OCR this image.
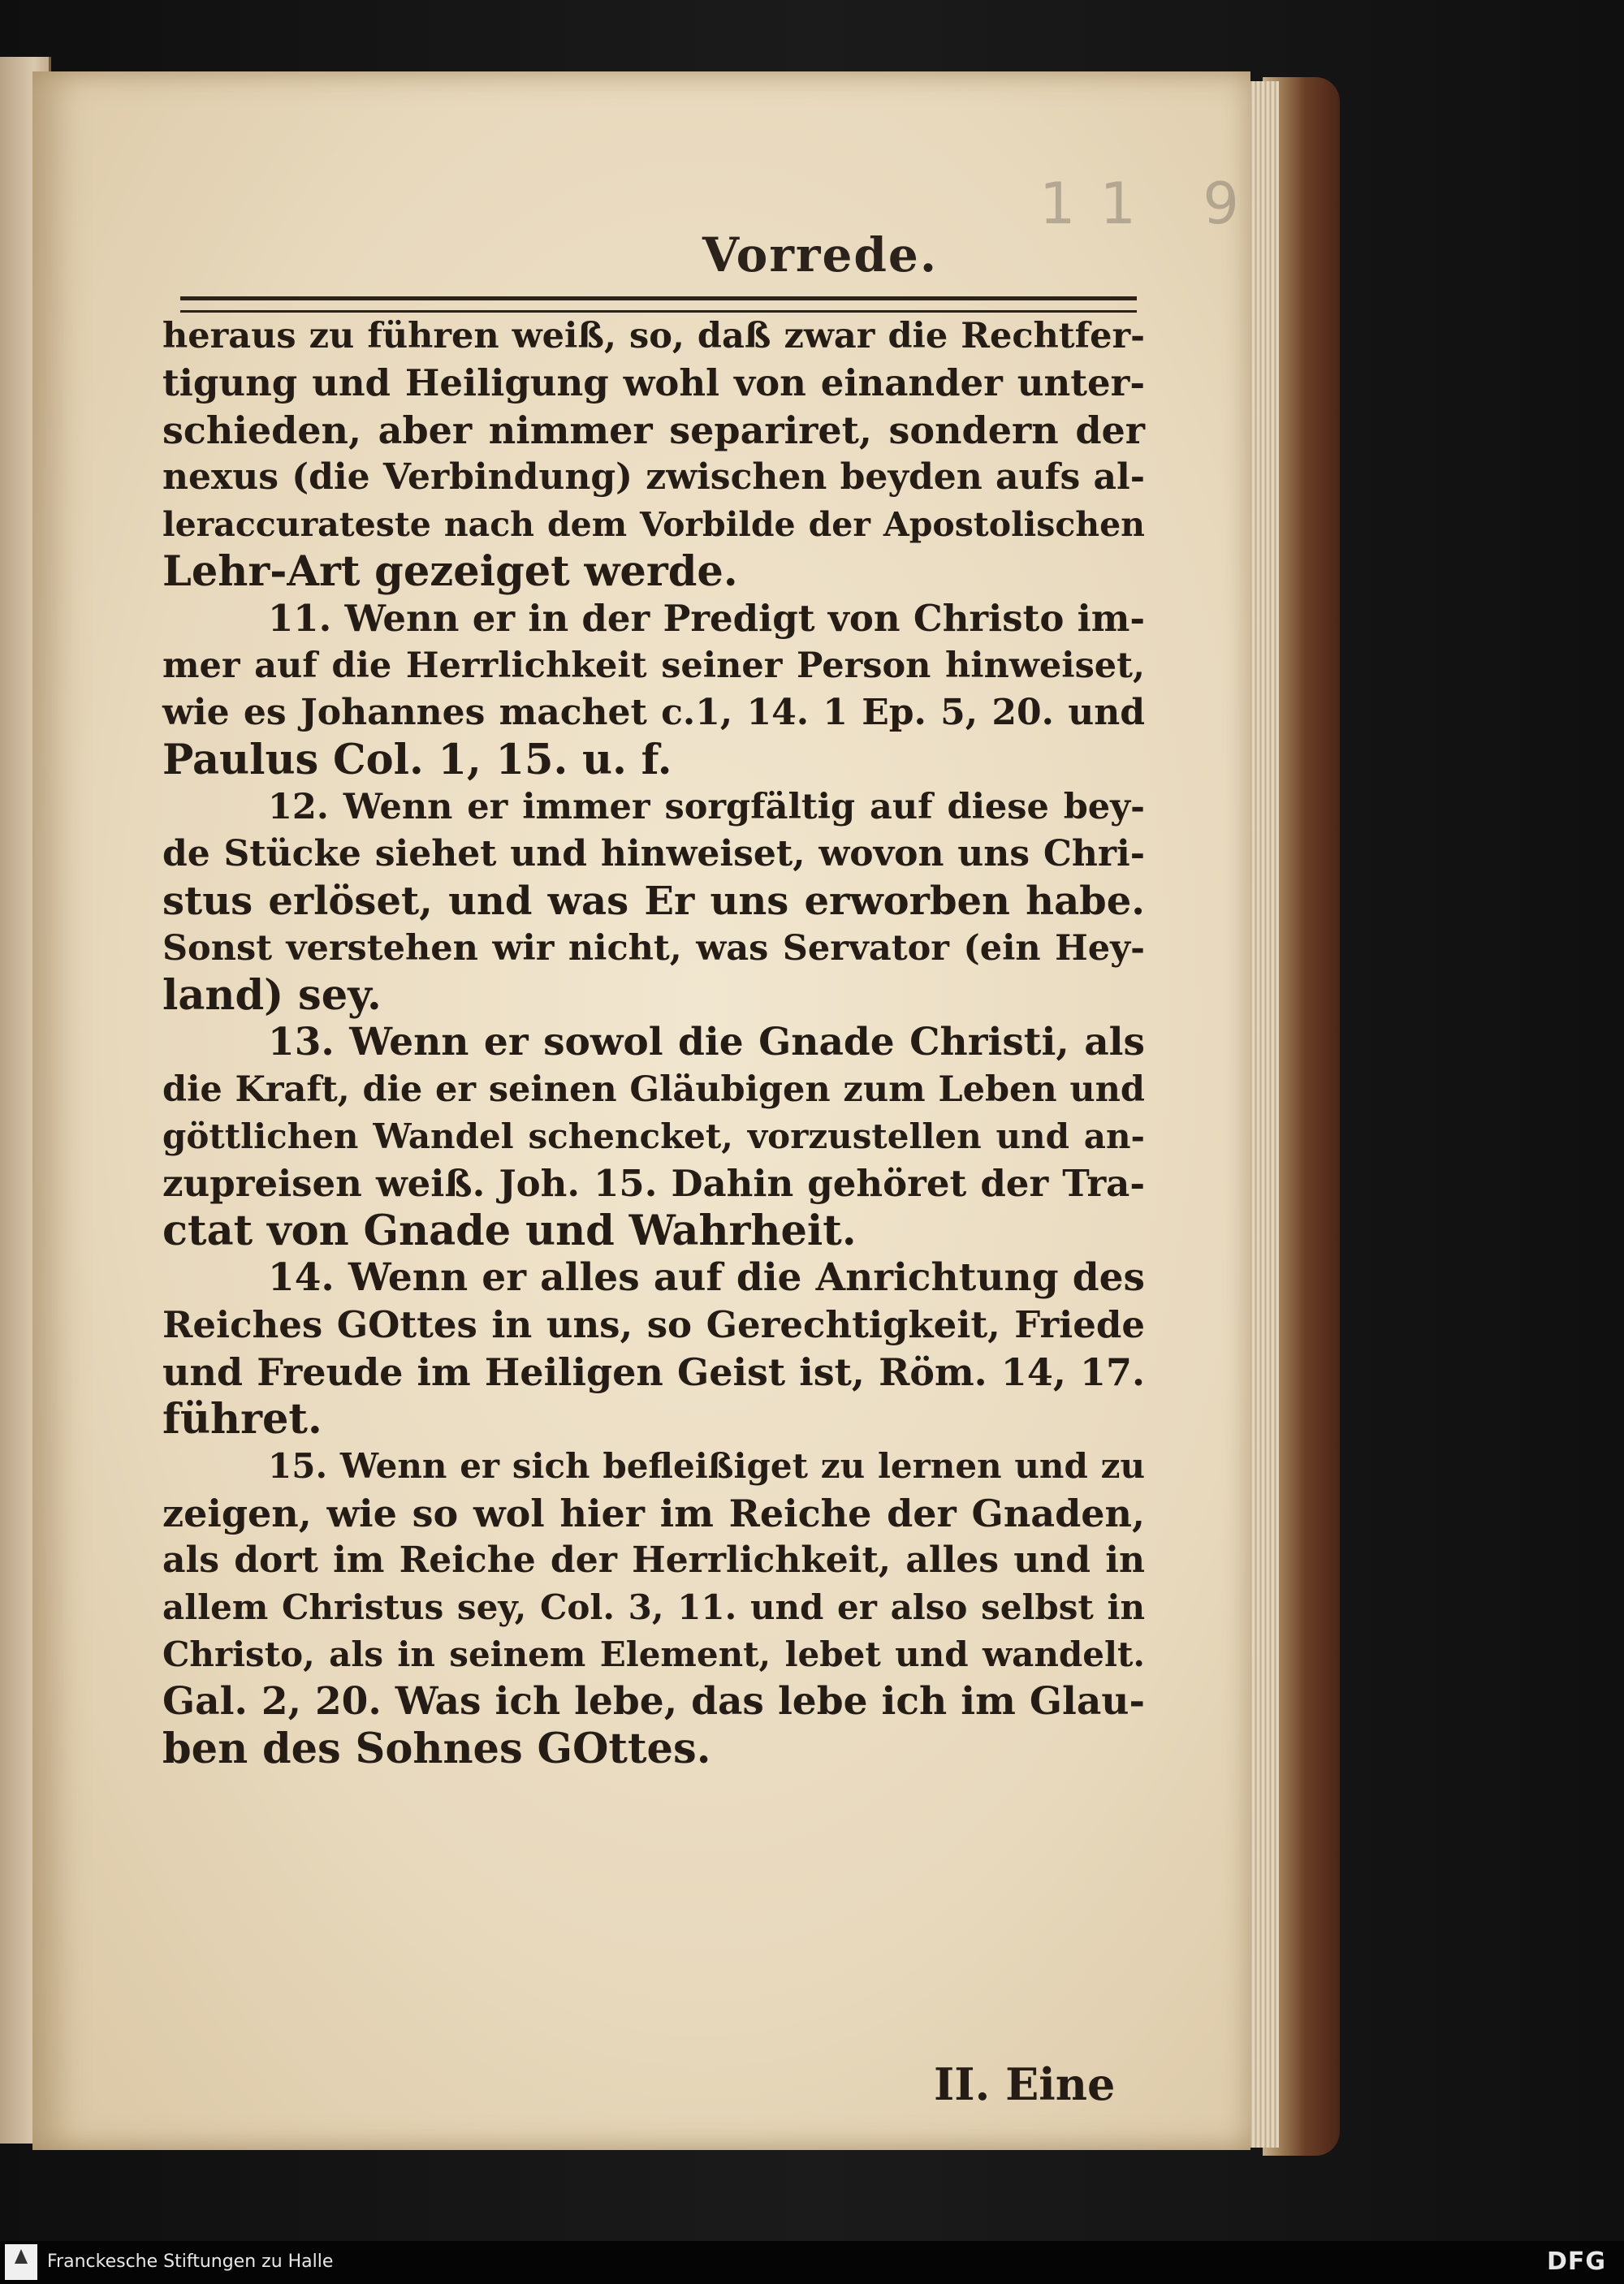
11 9
Vorrede.
heraus zu führen weiß, so, daß zwar die Rechtfer-
tigung und Heiligung wohl von einander unter-
schieden, aber nimmer separiret, sondern der
nexus (die Verbindung) zwischen beyden aufs al-
leraccurateste nach dem Vorbilde der Apostolischen
Lehr-Art gezeiget werde.
11. Wenn er in der Predigt von Christo im-
mer auf die Herrlichkeit seiner Person hinweiset,
wie es Johannes machet c.1, 14. 1 Ep. 5, 20. und
Paulus Col. 1, 15. u. f.
12. Wenn er immer sorgfältig auf diese bey-
de Stücke siehet und hinweiset, wovon uns Chri-
stus erlöset, und was Er uns erworben habe.
Sonst verstehen wir nicht, was Servator (ein Hey-
land) sey.
13. Wenn er sowol die Gnade Christi, als
die Kraft, die er seinen Gläubigen zum Leben und
göttlichen Wandel schencket, vorzustellen und an-
zupreisen weiß. Joh. 15. Dahin gehöret der Tra-
ctat von Gnade und Wahrheit.
14. Wenn er alles auf die Anrichtung des
Reiches GOttes in uns, so Gerechtigkeit, Friede
und Freude im Heiligen Geist ist, Röm. 14, 17.
führet.
15. Wenn er sich befleißiget zu lernen und zu
zeigen, wie so wol hier im Reiche der Gnaden,
als dort im Reiche der Herrlichkeit, alles und in
allem Christus sey, Col. 3, 11. und er also selbst in
Christo, als in seinem Element, lebet und wandelt.
Gal. 2, 20. Was ich lebe, das lebe ich im Glau-
ben des Sohnes GOttes.
II. Eine
Franckesche Stiftungen zu Halle	DFG
